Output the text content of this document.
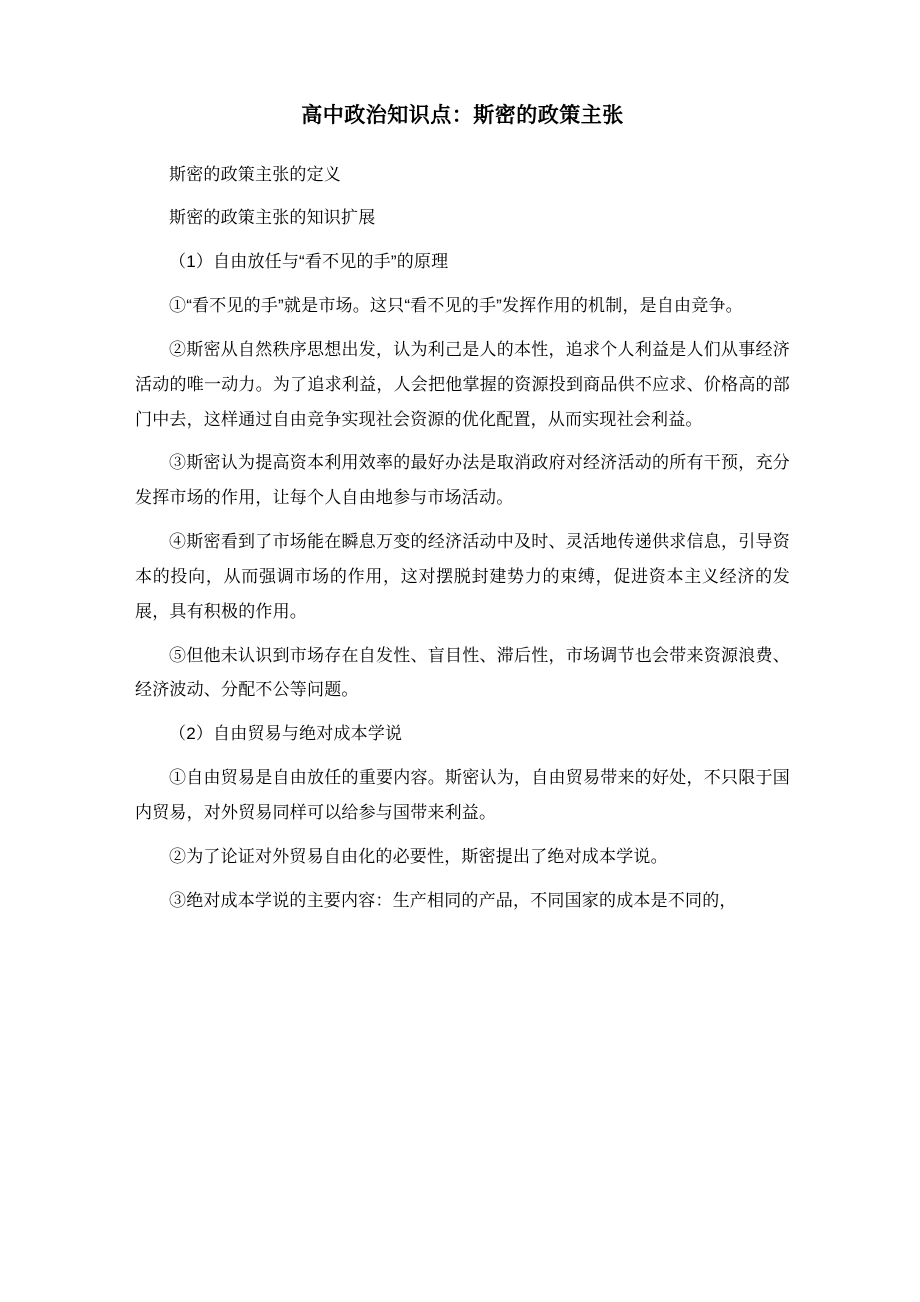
高中政治知识点：斯密的政策主张

斯密的政策主张的定义

斯密的政策主张的知识扩展

（1）自由放任与“看不见的手”的原理

①“看不见的手”就是市场。这只“看不见的手”发挥作用的机制，是自由竞争。

②斯密从自然秩序思想出发，认为利己是人的本性，追求个人利益是人们从事经济活动的唯一动力。为了追求利益，人会把他掌握的资源投到商品供不应求、价格高的部门中去，这样通过自由竞争实现社会资源的优化配置，从而实现社会利益。

③斯密认为提高资本利用效率的最好办法是取消政府对经济活动的所有干预，充分发挥市场的作用，让每个人自由地参与市场活动。

④斯密看到了市场能在瞬息万变的经济活动中及时、灵活地传递供求信息，引导资本的投向，从而强调市场的作用，这对摆脱封建势力的束缚，促进资本主义经济的发展，具有积极的作用。

⑤但他未认识到市场存在自发性、盲目性、滞后性，市场调节也会带来资源浪费、经济波动、分配不公等问题。

（2）自由贸易与绝对成本学说

①自由贸易是自由放任的重要内容。斯密认为，自由贸易带来的好处，不只限于国内贸易，对外贸易同样可以给参与国带来利益。

②为了论证对外贸易自由化的必要性，斯密提出了绝对成本学说。

③绝对成本学说的主要内容：生产相同的产品，不同国家的成本是不同的，
